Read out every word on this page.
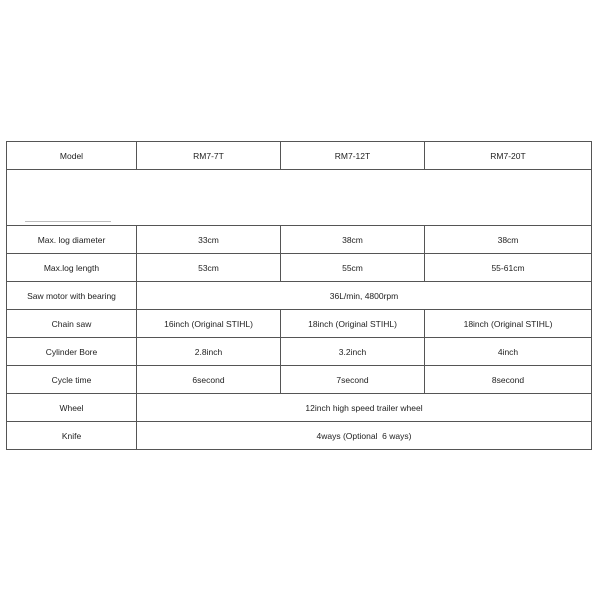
Model	RM7-7T	RM7-12T	RM7-20T

Max. log diameter	33cm	38cm	38cm
Max.log length	53cm	55cm	55-61cm
Saw motor with bearing	36L/min, 4800rpm		
Chain saw	16inch (Original STIHL)	18inch (Original STIHL)	18inch (Original STIHL)
Cylinder Bore	2.8inch	3.2inch	4inch
Cycle time	6second	7second	8second
Wheel	12inch high speed trailer wheel		
Knife	4ways (Optional  6 ways)		
